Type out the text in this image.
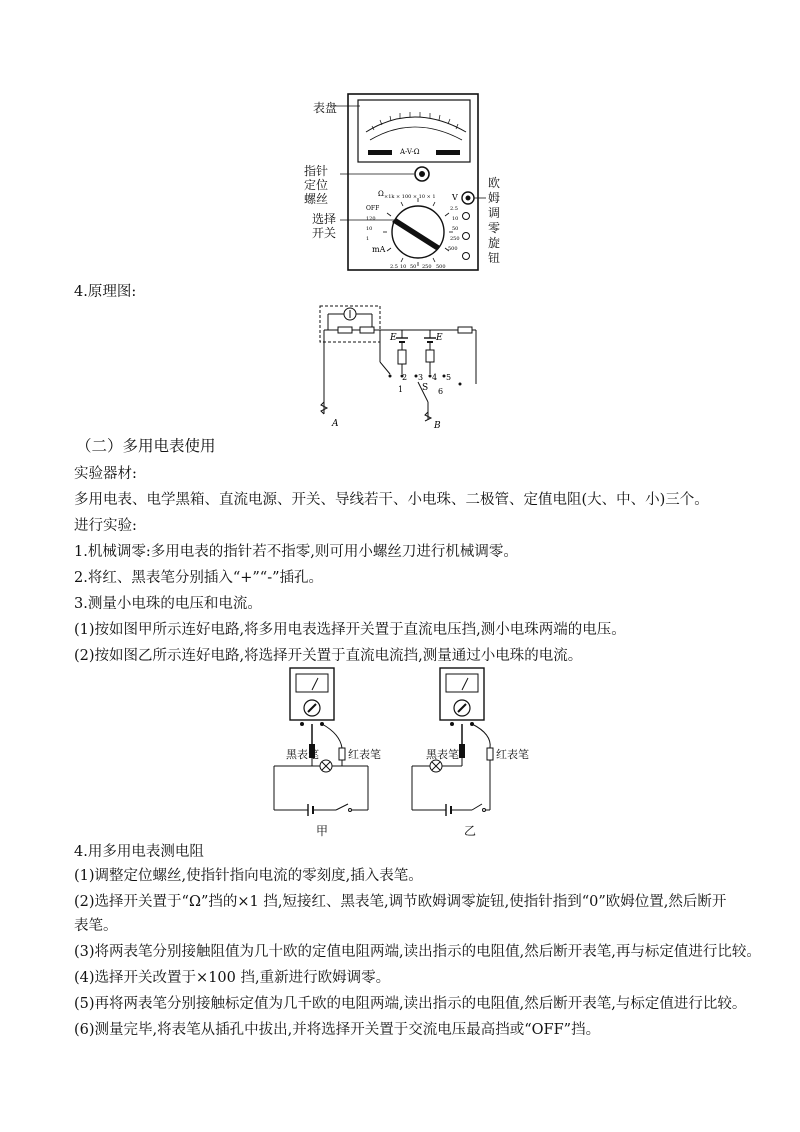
A-V-Ω
OFF
Ω ×1k × 100 × 10 × 1
mA
V
120
10
1
2.5
10
50
250
500
2.5 10 50 250 500
表盘
指针定位螺丝
选择开关
欧姆调零旋钮
4.原理图:
E	E
A	B
S
1
2 3 4 5
6
（二）多用电表使用
实验器材:
多用电表、电学黑箱、直流电源、开关、导线若干、小电珠、二极管、定值电阻(大、中、小)三个。
进行实验:
1.机械调零:多用电表的指针若不指零,则可用小螺丝刀进行机械调零。
2.将红、黑表笔分别插入“+”“-”插孔。
3.测量小电珠的电压和电流。
(1)按如图甲所示连好电路,将多用电表选择开关置于直流电压挡,测小电珠两端的电压。
(2)按如图乙所示连好电路,将选择开关置于直流电流挡,测量通过小电珠的电流。
黑表笔	红表笔	黑表笔	红表笔
甲	乙
4.用多用电表测电阻
(1)调整定位螺丝,使指针指向电流的零刻度,插入表笔。
(2)选择开关置于“Ω”挡的×1 挡,短接红、黑表笔,调节欧姆调零旋钮,使指针指到“0”欧姆位置,然后断开表笔。
(3)将两表笔分别接触阻值为几十欧的定值电阻两端,读出指示的电阻值,然后断开表笔,再与标定值进行比较。
(4)选择开关改置于×100 挡,重新进行欧姆调零。
(5)再将两表笔分别接触标定值为几千欧的电阻两端,读出指示的电阻值,然后断开表笔,与标定值进行比较。
(6)测量完毕,将表笔从插孔中拔出,并将选择开关置于交流电压最高挡或“OFF”挡。
